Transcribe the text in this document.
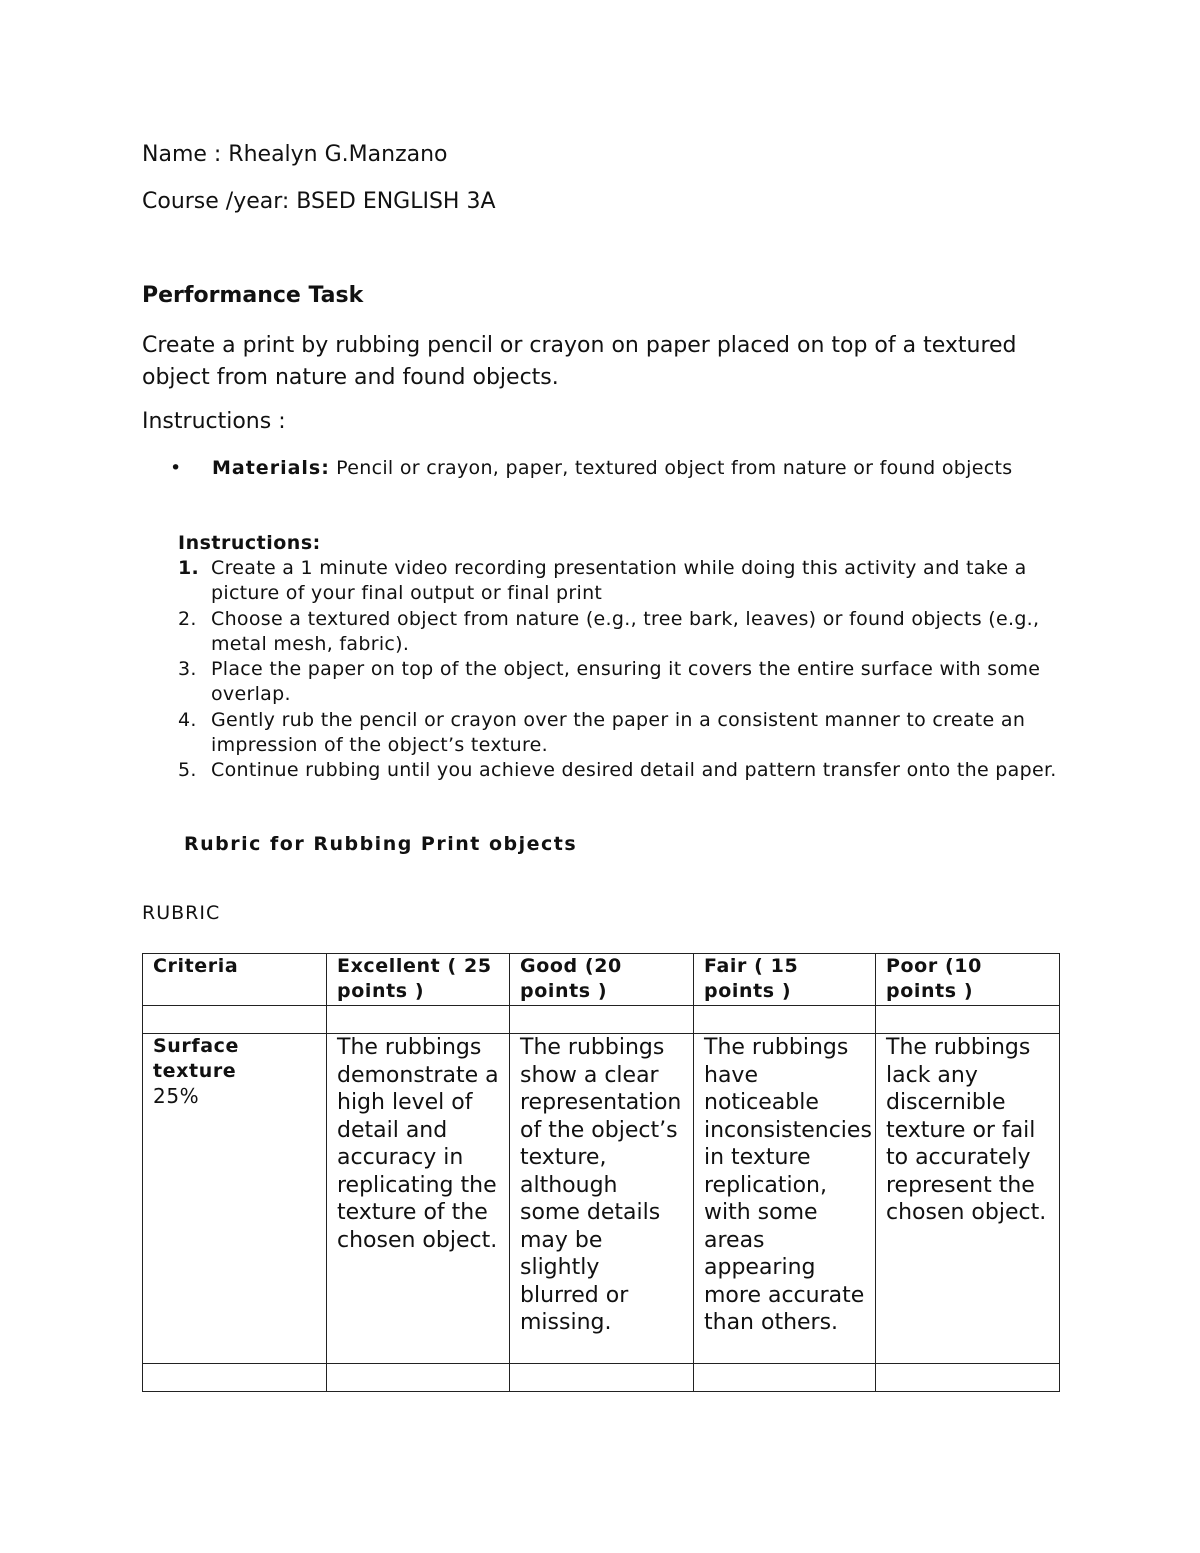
Name : Rhealyn G.Manzano
Course /year: BSED ENGLISH 3A
Performance Task
Create a print by rubbing pencil or crayon on paper placed on top of a textured object from nature and found objects.
Instructions :
• Materials: Pencil or crayon, paper, textured object from nature or found objects
Instructions:
1. Create a 1 minute video recording presentation while doing this activity and take a picture of your final output or final print
2. Choose a textured object from nature (e.g., tree bark, leaves) or found objects (e.g., metal mesh, fabric).
3. Place the paper on top of the object, ensuring it covers the entire surface with some overlap.
4. Gently rub the pencil or crayon over the paper in a consistent manner to create an impression of the object’s texture.
5. Continue rubbing until you achieve desired detail and pattern transfer onto the paper.
Rubric for Rubbing Print objects
RUBRIC
Criteria	Excellent ( 25 points )	Good (20 points )	Fair ( 15 points )	Poor (10 points )

Surface texture
25%	The rubbings demonstrate a high level of detail and accuracy in replicating the texture of the chosen object.	The rubbings show a clear representation of the object’s texture, although some details may be slightly blurred or missing.	The rubbings have noticeable inconsistencies in texture replication, with some areas appearing more accurate than others.	The rubbings lack any discernible texture or fail to accurately represent the chosen object.
